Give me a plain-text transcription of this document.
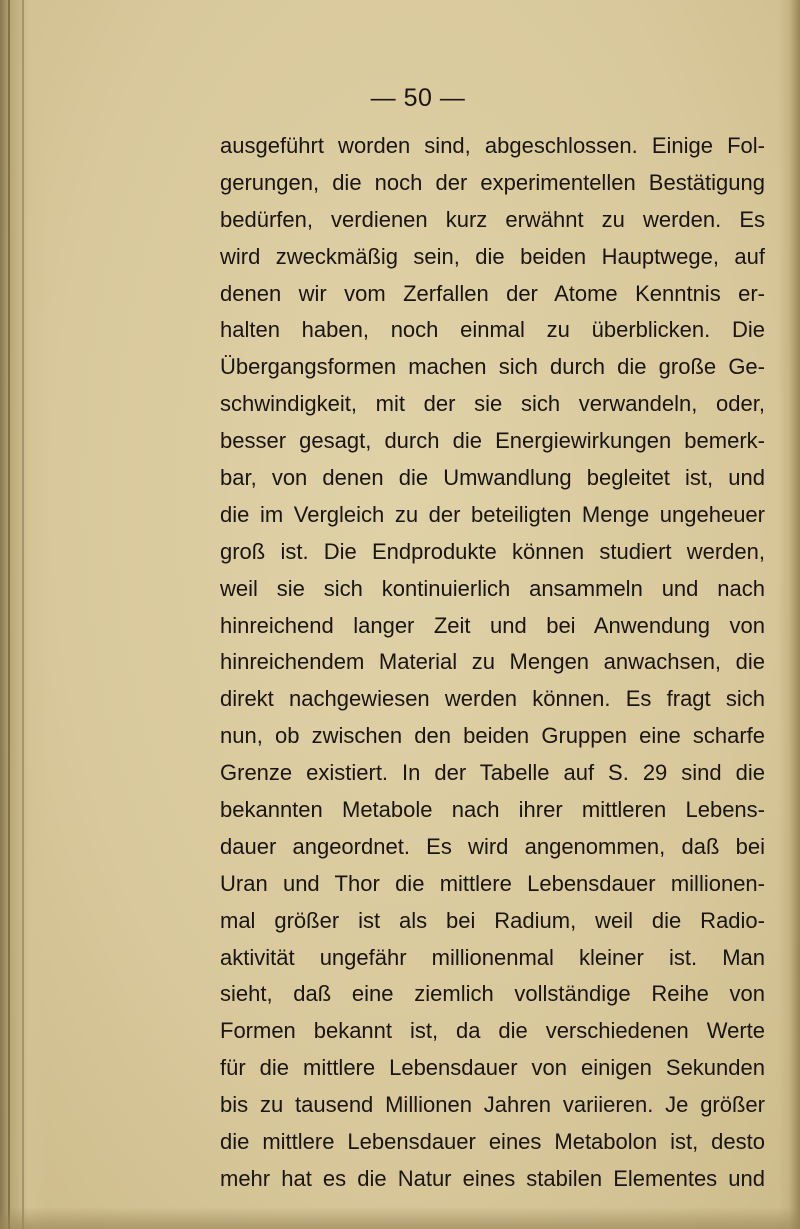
— 50 —
ausgeführt worden sind, abgeschlossen. Einige Fol-
gerungen, die noch der experimentellen Bestätigung
bedürfen, verdienen kurz erwähnt zu werden. Es
wird zweckmäßig sein, die beiden Hauptwege, auf
denen wir vom Zerfallen der Atome Kenntnis er-
halten haben, noch einmal zu überblicken. Die
Übergangsformen machen sich durch die große Ge-
schwindigkeit, mit der sie sich verwandeln, oder,
besser gesagt, durch die Energiewirkungen bemerk-
bar, von denen die Umwandlung begleitet ist, und
die im Vergleich zu der beteiligten Menge ungeheuer
groß ist. Die Endprodukte können studiert werden,
weil sie sich kontinuierlich ansammeln und nach
hinreichend langer Zeit und bei Anwendung von
hinreichendem Material zu Mengen anwachsen, die
direkt nachgewiesen werden können. Es fragt sich
nun, ob zwischen den beiden Gruppen eine scharfe
Grenze existiert. In der Tabelle auf S. 29 sind die
bekannten Metabole nach ihrer mittleren Lebens-
dauer angeordnet. Es wird angenommen, daß bei
Uran und Thor die mittlere Lebensdauer millionen-
mal größer ist als bei Radium, weil die Radio-
aktivität ungefähr millionenmal kleiner ist. Man
sieht, daß eine ziemlich vollständige Reihe von
Formen bekannt ist, da die verschiedenen Werte
für die mittlere Lebensdauer von einigen Sekunden
bis zu tausend Millionen Jahren variieren. Je größer
die mittlere Lebensdauer eines Metabolon ist, desto
mehr hat es die Natur eines stabilen Elementes und
